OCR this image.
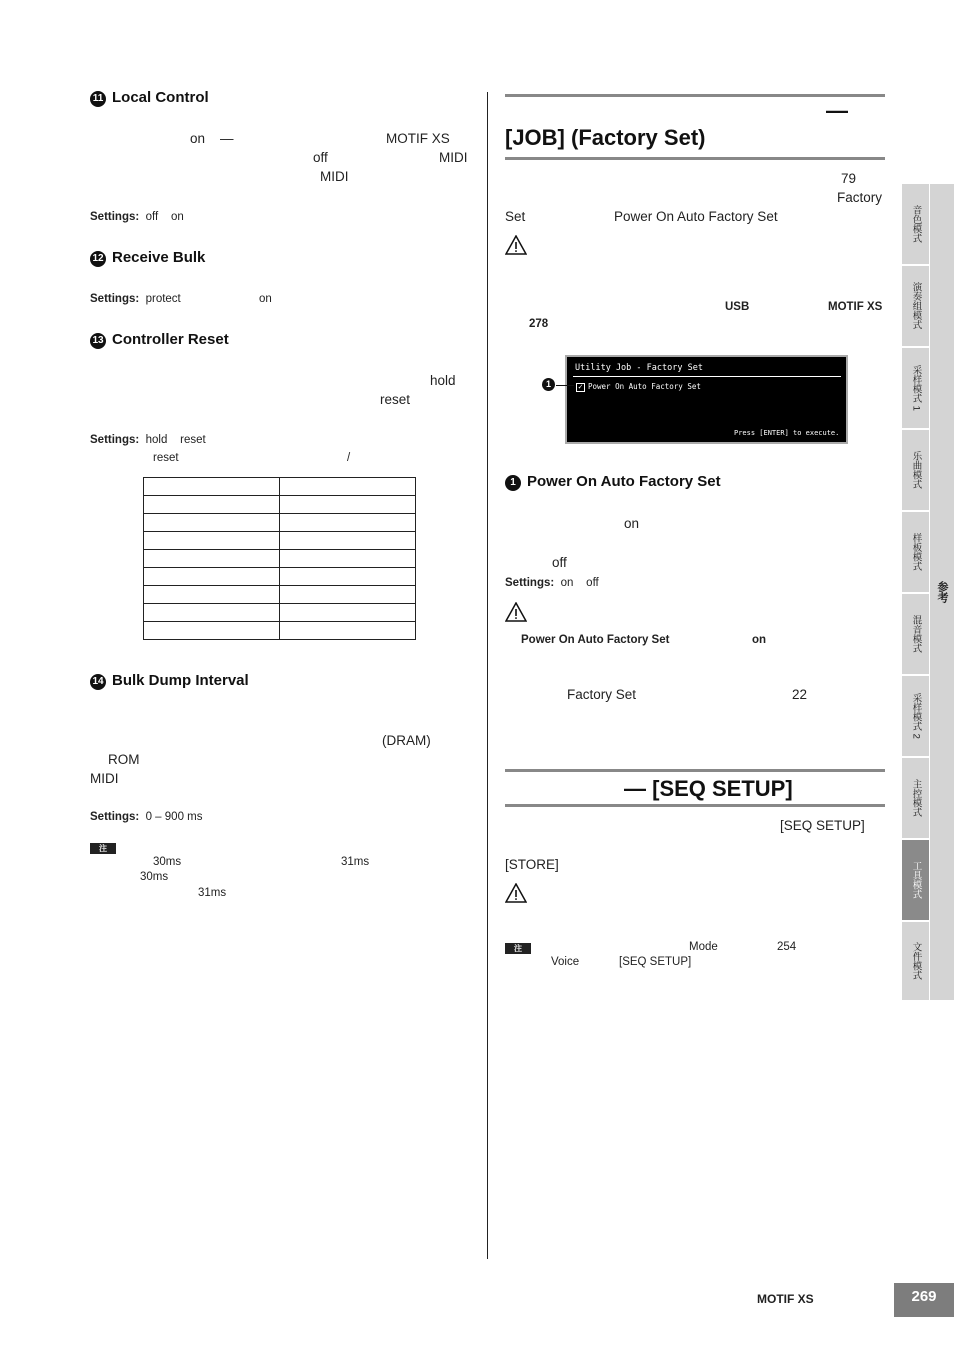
11 Local Control
on —	MOTIF XS
off	MIDI
MIDI
Settings: off on
12 Receive Bulk
Settings: protect	on
13 Controller Reset
hold
reset
Settings: hold reset
reset	/

14 Bulk Dump Interval
(DRAM)
ROM
MIDI
Settings: 0 – 900 ms
注
30ms	31ms
30ms
31ms
—
[JOB] (Factory Set)
79
Factory
Set	Power On Auto Factory Set
USB	MOTIF XS
278
Utility Job - Factory Set
✓ Power On Auto Factory Set
Press [ENTER] to execute.
1
1 Power On Auto Factory Set
on
off
Settings: on off
Power On Auto Factory Set	on
Factory Set	22
— [SEQ SETUP]
[SEQ SETUP]
[STORE]
注	Mode	254
Voice	[SEQ SETUP]
音色模式
演奏组模式
采样模式 1
乐曲模式
样板模式
混音模式
采样模式 2
主控模式
工具模式
文件模式
参考
MOTIF XS	269
